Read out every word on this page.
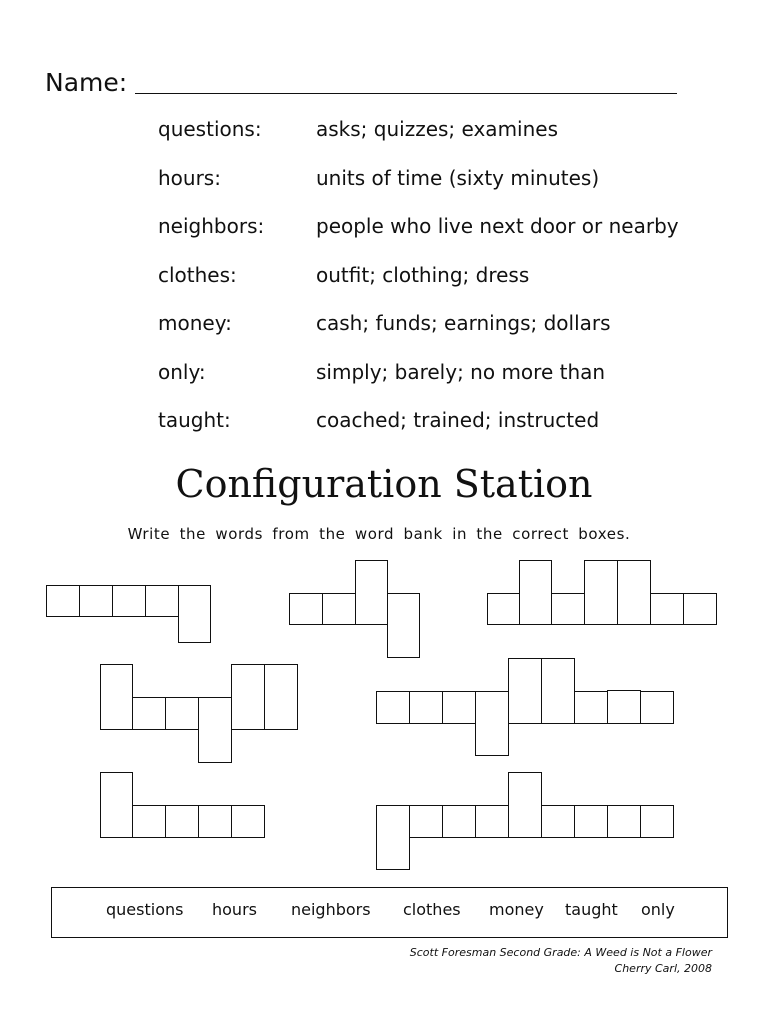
Name:
questions:	asks; quizzes; examines
hours:	units of time (sixty minutes)
neighbors:	people who live next door or nearby
clothes:	outfit; clothing; dress
money:	cash; funds; earnings; dollars
only:	simply; barely; no more than
taught:	coached; trained; instructed
Configuration Station
Write the words from the word bank in the correct boxes.
questions hours neighbors clothes money taught only
Scott Foresman Second Grade: A Weed is Not a Flower
Cherry Carl, 2008
